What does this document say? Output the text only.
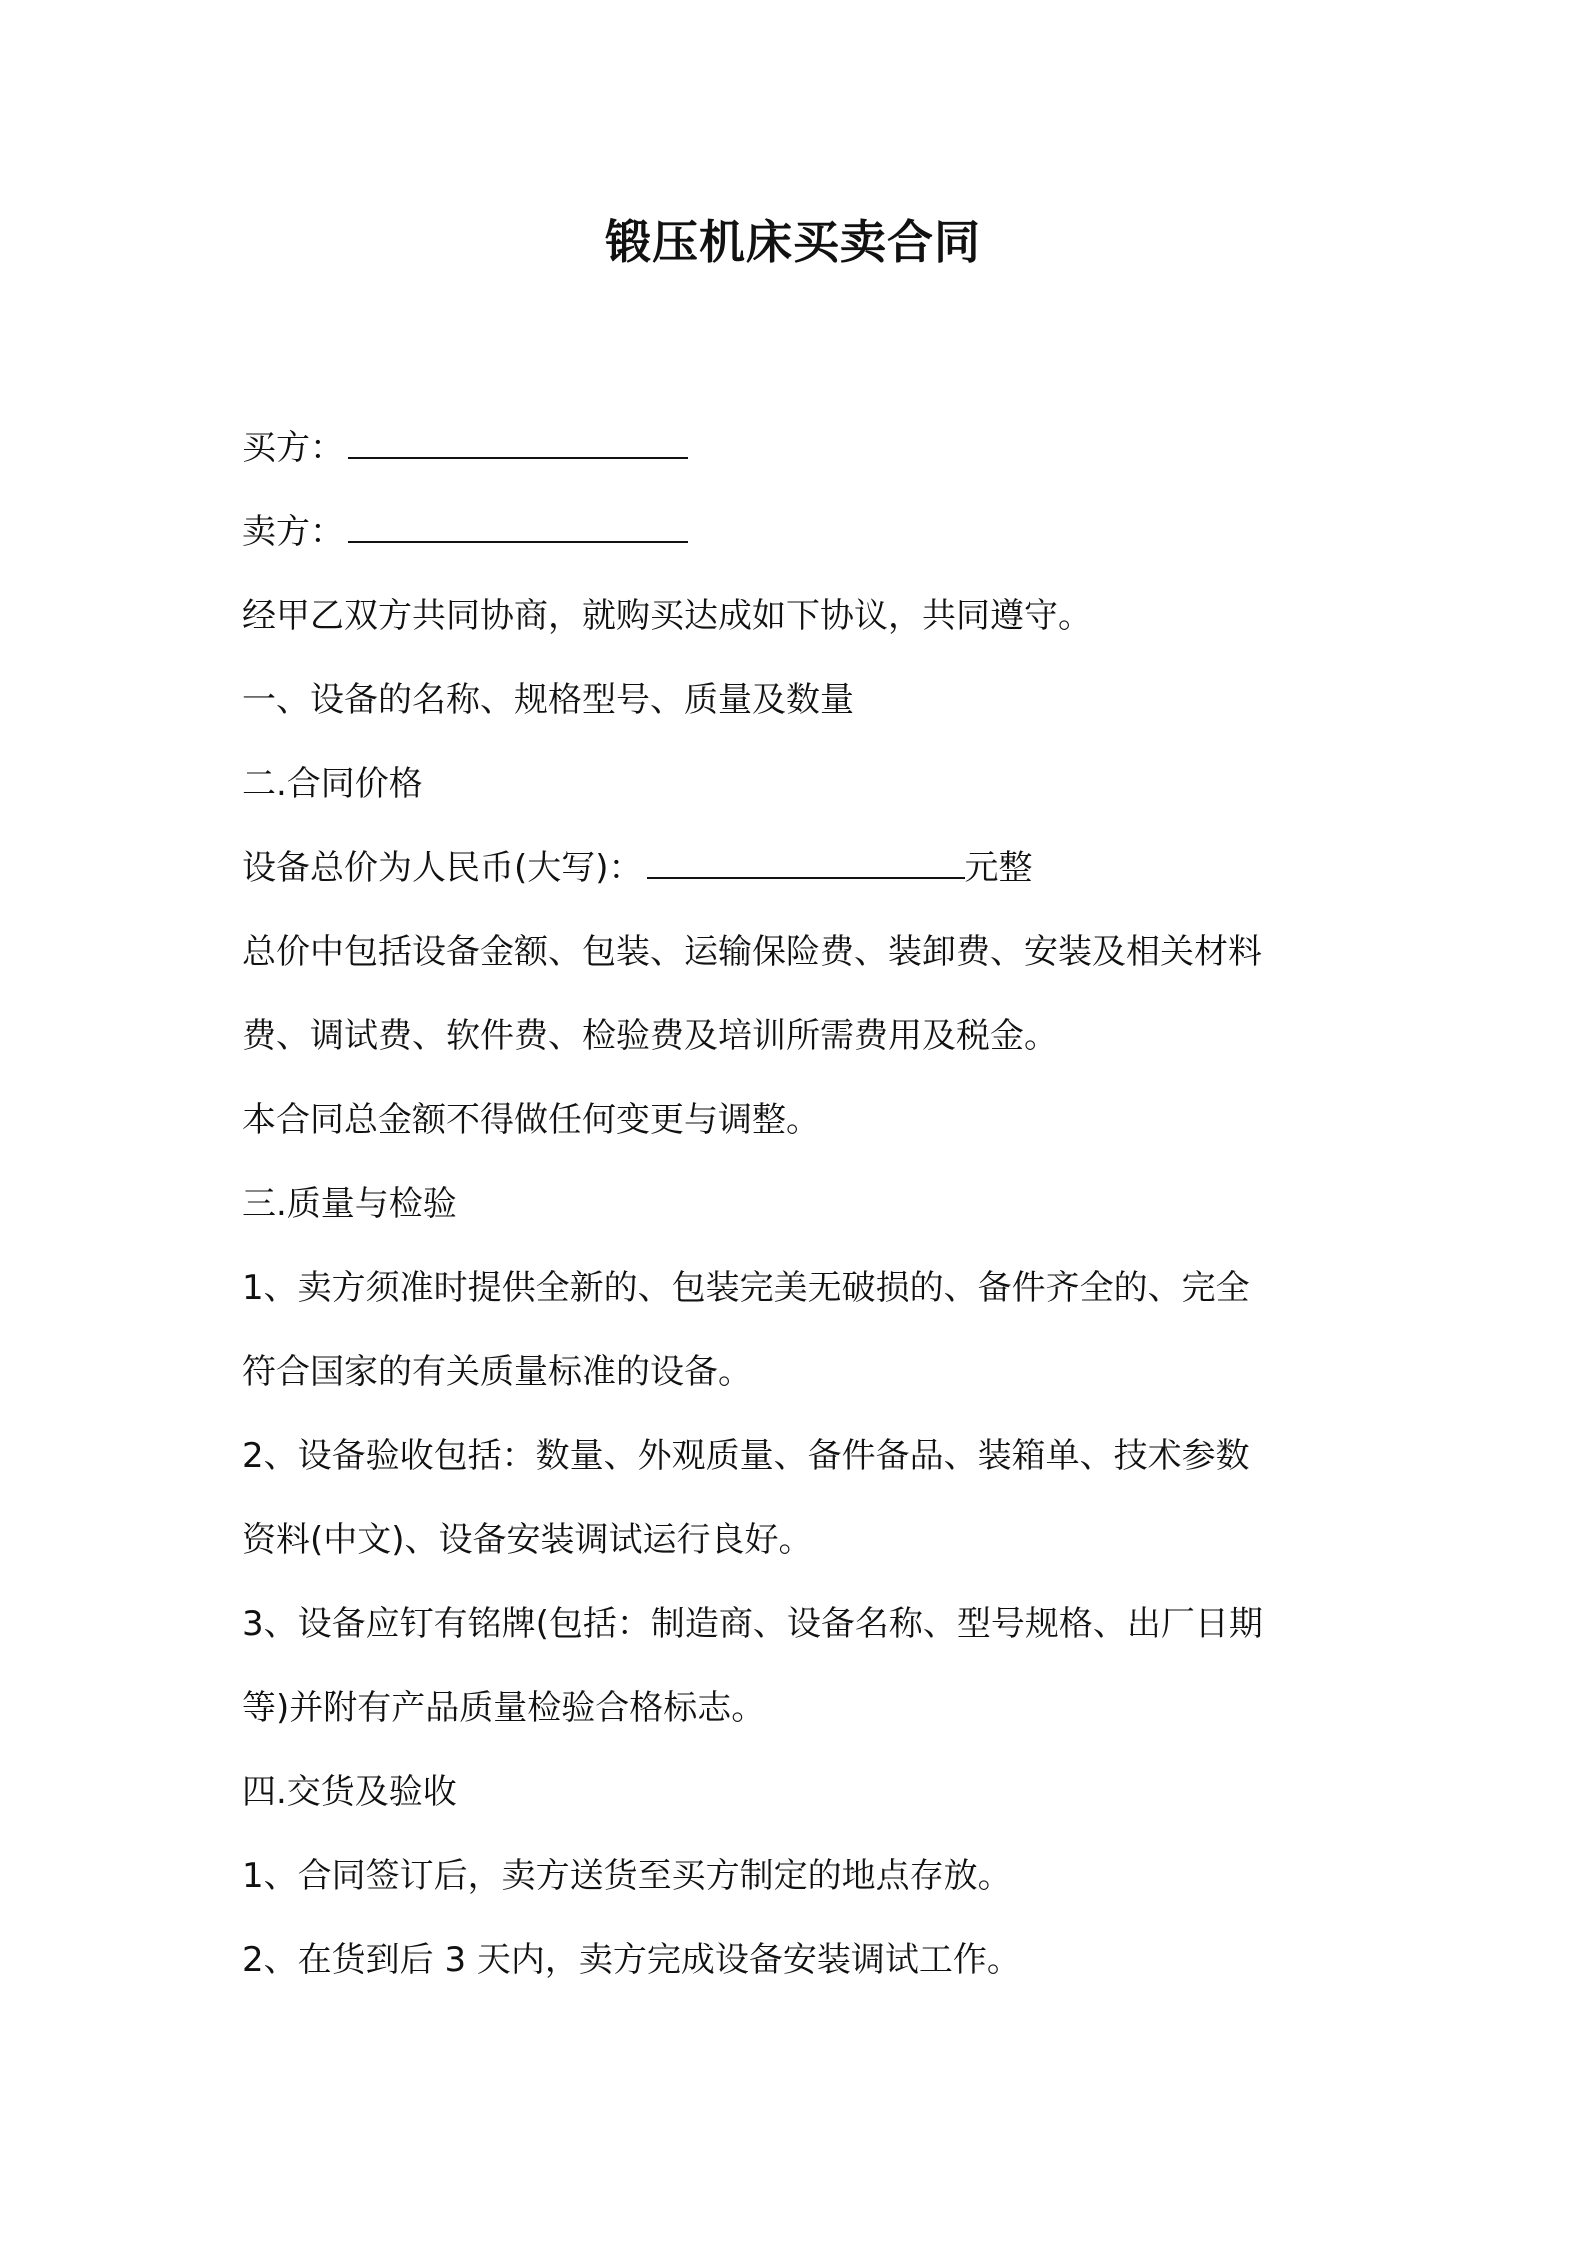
锻压机床买卖合同

买方：

卖方：

经甲乙双方共同协商，就购买达成如下协议，共同遵守。

一、设备的名称、规格型号、质量及数量

二.合同价格

设备总价为人民币(大写)：	元整

总价中包括设备金额、包装、运输保险费、装卸费、安装及相关材料

费、调试费、软件费、检验费及培训所需费用及税金。

本合同总金额不得做任何变更与调整。

三.质量与检验

1、卖方须准时提供全新的、包装完美无破损的、备件齐全的、完全

符合国家的有关质量标准的设备。

2、设备验收包括：数量、外观质量、备件备品、装箱单、技术参数

资料(中文)、设备安装调试运行良好。

3、设备应钉有铭牌(包括：制造商、设备名称、型号规格、出厂日期

等)并附有产品质量检验合格标志。

四.交货及验收

1、合同签订后，卖方送货至买方制定的地点存放。

2、在货到后 3 天内，卖方完成设备安装调试工作。
